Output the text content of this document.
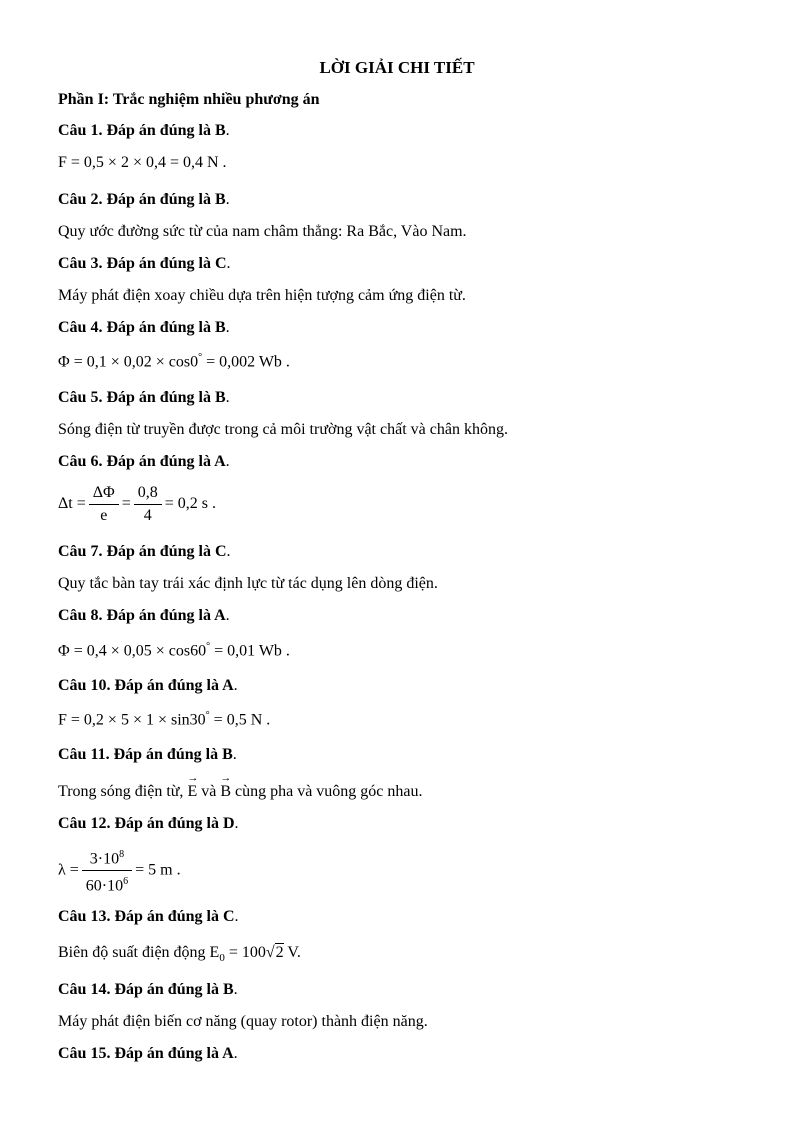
LỜI GIẢI CHI TIẾT
Phần I: Trắc nghiệm nhiều phương án
Câu 1. Đáp án đúng là B.
F = 0,5 × 2 × 0,4 = 0,4 N .
Câu 2. Đáp án đúng là B.
Quy ước đường sức từ của nam châm thẳng: Ra Bắc, Vào Nam.
Câu 3. Đáp án đúng là C.
Máy phát điện xoay chiều dựa trên hiện tượng cảm ứng điện từ.
Câu 4. Đáp án đúng là B.
Φ = 0,1 × 0,02 × cos0° = 0,002 Wb .
Câu 5. Đáp án đúng là B.
Sóng điện từ truyền được trong cả môi trường vật chất và chân không.
Câu 6. Đáp án đúng là A.
$\Delta t = \frac{\Delta\Phi}{e} = \frac{0,8}{4} = 0,2$ s .
Câu 7. Đáp án đúng là C.
Quy tắc bàn tay trái xác định lực từ tác dụng lên dòng điện.
Câu 8. Đáp án đúng là A.
Φ = 0,4 × 0,05 × cos60° = 0,01 Wb .
Câu 10. Đáp án đúng là A.
F = 0,2 × 5 × 1 × sin30° = 0,5 N .
Câu 11. Đáp án đúng là B.
Trong sóng điện từ, → E và → B cùng pha và vuông góc nhau.
Câu 12. Đáp án đúng là D.
$\lambda = \frac{3\cdot 10^8}{60\cdot 10^6} = 5$ m .
Câu 13. Đáp án đúng là C.
Biên độ suất điện động $E_0 = 100√2$ V.
Câu 14. Đáp án đúng là B.
Máy phát điện biến cơ năng (quay rotor) thành điện năng.
Câu 15. Đáp án đúng là A.
